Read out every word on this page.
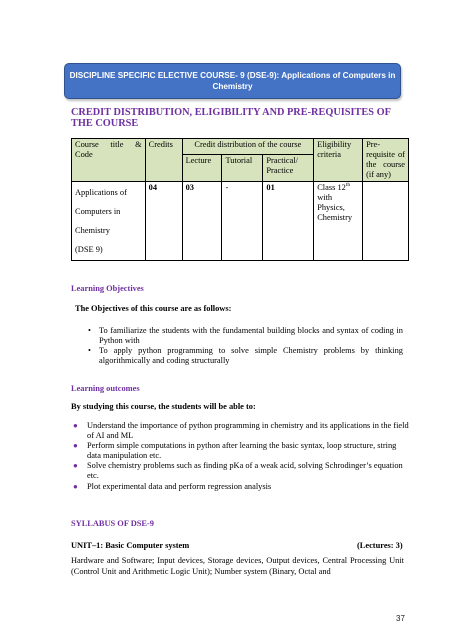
DISCIPLINE SPECIFIC ELECTIVE COURSE- 9 (DSE-9): Applications of Computers in
Chemistry
CREDIT DISTRIBUTION, ELIGIBILITY AND PRE-REQUISITES OF THE COURSE
Course title & Code	Credits	Credit distribution of the course			Eligibility criteria	Pre-requisite of the course (if any)
		Lecture	Tutorial	Practical/ Practice		

Applications of
Computers in
Chemistry
(DSE 9)	04	03	-	01	Class 12th with Physics, Chemistry	
Learning Objectives
The Objectives of this course are as follows:
• To familiarize the students with the fundamental building blocks and syntax of coding in Python with
• To apply python programming to solve simple Chemistry problems by thinking algorithmically and coding structurally
Learning outcomes
By studying this course, the students will be able to:
● Understand the importance of python programming in chemistry and its applications in the field of AI and ML
● Perform simple computations in python after learning the basic syntax, loop structure, string data manipulation etc.
● Solve chemistry problems such as finding pKa of a weak acid, solving Schrodinger’s equation etc.
● Plot experimental data and perform regression analysis
SYLLABUS OF DSE-9
UNIT–1: Basic Computer system	(Lectures: 3)
Hardware and Software; Input devices, Storage devices, Output devices, Central Processing Unit (Control Unit and Arithmetic Logic Unit); Number system (Binary, Octal and
37
